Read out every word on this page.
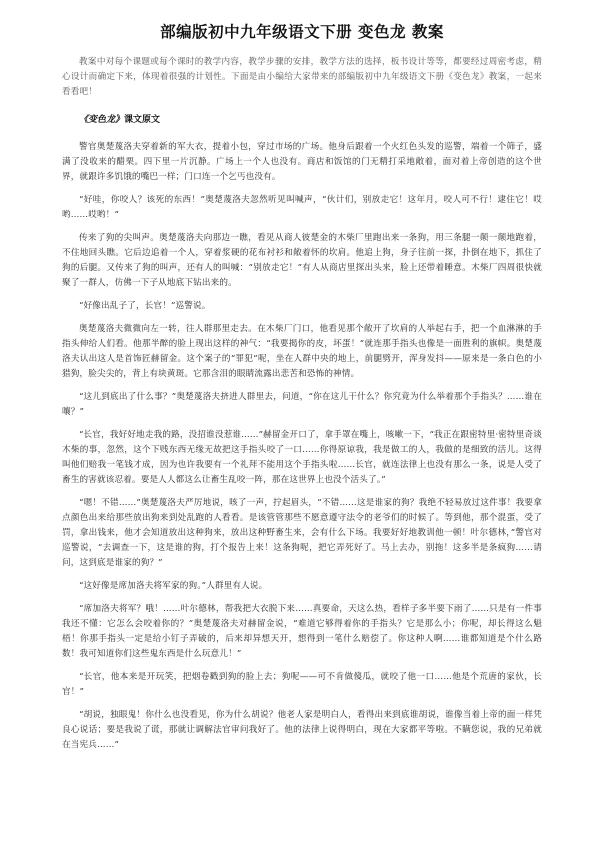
部编版初中九年级语文下册 变色龙 教案

教案中对每个课题或每个课时的教学内容，教学步骤的安排，教学方法的选择，板书设计等等，都要经过周密考虑，精心设计而确定下来，体现着很强的计划性。下面是由小编给大家带来的部编版初中九年级语文下册《变色龙》教案，一起来看看吧！

《变色龙》课文原文

警官奥楚蔑洛夫穿着新的军大衣，提着小包，穿过市场的广场。他身后跟着一个火红色头发的巡警，端着一个筛子，盛满了没收来的醋栗。四下里一片沉静。广场上一个人也没有。商店和饭馆的门无精打采地敞着，面对着上帝创造的这个世界，就跟许多饥饿的嘴巴一样；门口连一个乞丐也没有。

“好哇，你咬人？该死的东西！”奥楚蔑洛夫忽然听见叫喊声，“伙计们，别放走它！这年月，咬人可不行！逮住它！哎哟……哎哟！”

传来了狗的尖叫声。奥楚蔑洛夫向那边一瞧，看见从商人彼楚金的木柴厂里跑出来一条狗，用三条腿一颠一颠地跑着，不住地回头瞧。它后边追着一个人，穿着浆硬的花布衬衫和敞着怀的坎肩。他追上狗，身子往前一探，扑倒在地下，抓住了狗的后腿。又传来了狗的叫声，还有人的叫喊：“别放走它！”有人从商店里探出头来，脸上还带着睡意。木柴厂四周很快就聚了一群人，仿佛一下子从地底下钻出来的。

“好像出乱子了，长官！”巡警说。

奥楚蔑洛夫微微向左一转，往人群那里走去。在木柴厂门口，他看见那个敞开了坎肩的人举起右手，把一个血淋淋的手指头伸给人们看。他那半醉的脸上现出这样的神气：“我要揭你的皮，坏蛋！”就连那手指头也像是一面胜利的旗帜。奥楚蔑洛夫认出这人是首饰匠赫留金。这个案子的“罪犯”呢，坐在人群中央的地上，前腿劈开，浑身发抖——原来是一条白色的小猎狗，脸尖尖的，背上有块黄斑。它那含泪的眼睛流露出悲苦和恐怖的神情。

“这儿到底出了什么事？”奥楚蔑洛夫挤进人群里去，问道，“你在这儿干什么？你究竟为什么举着那个手指头？……谁在嚷？”

“长官，我好好地走我的路，没招谁没惹谁……”赫留金开口了，拿手罩在嘴上，咳嗽一下，“我正在跟密特里·密特里奇谈木柴的事，忽然，这个下贱东西无缘无故把这手指头咬了一口……你得原谅我，我是做工的人，我做的是细致的活儿。这得叫他们赔我一笔钱才成，因为也许我要有一个礼拜不能用这个手指头啦……长官，就连法律上也没有那么一条，说是人受了畜生的害就该忍着。要是人人都这么让畜生乱咬一阵，那在这世界上也没个活头了。”

“嗯！不错……”奥楚蔑洛夫严厉地说，咳了一声，拧起眉头，“不错……这是谁家的狗？我绝不轻易放过这件事！我要拿点颜色出来给那些放出狗来到处乱跑的人看看。是该管管那些不愿意遵守法令的老爷们的时候了。等到他，那个混蛋，受了罚，拿出钱来，他才会知道放出这种狗来，放出这种野畜生来，会有什么下场。我要好好地教训他一顿！叶尔德林，”警官对巡警说，“去调查一下，这是谁的狗，打个报告上来！这条狗呢，把它弄死好了。马上去办，别拖！这多半是条疯狗……请问，这到底是谁家的狗？”

“这好像是席加洛夫将军家的狗。”人群里有人说。

“席加洛夫将军？哦！……叶尔德林，帮我把大衣脱下来……真要命，天这么热，看样子多半要下雨了……只是有一件事我还不懂：它怎么会咬着你的？”奥楚蔑洛夫对赫留金说，“难道它够得着你的手指头？它是那么小；你呢，却长得这么魁梧！你那手指头一定是给小钉子弄破的，后来却异想天开，想得到一笔什么赔偿了。你这种人啊……谁都知道是个什么路数！我可知道你们这些鬼东西是什么玩意儿！”

“长官，他本来是开玩笑，把烟卷戳到狗的脸上去；狗呢——可不肯做傻瓜，就咬了他一口……他是个荒唐的家伙，长官！”

“胡说，独眼鬼！你什么也没看见，你为什么胡说？他老人家是明白人，看得出来到底谁胡说，谁像当着上帝的面一样凭良心说话；要是我说了谎，那就让调解法官审问我好了。他的法律上说得明白，现在大家都平等啦。不瞒您说，我的兄弟就在当宪兵……”
